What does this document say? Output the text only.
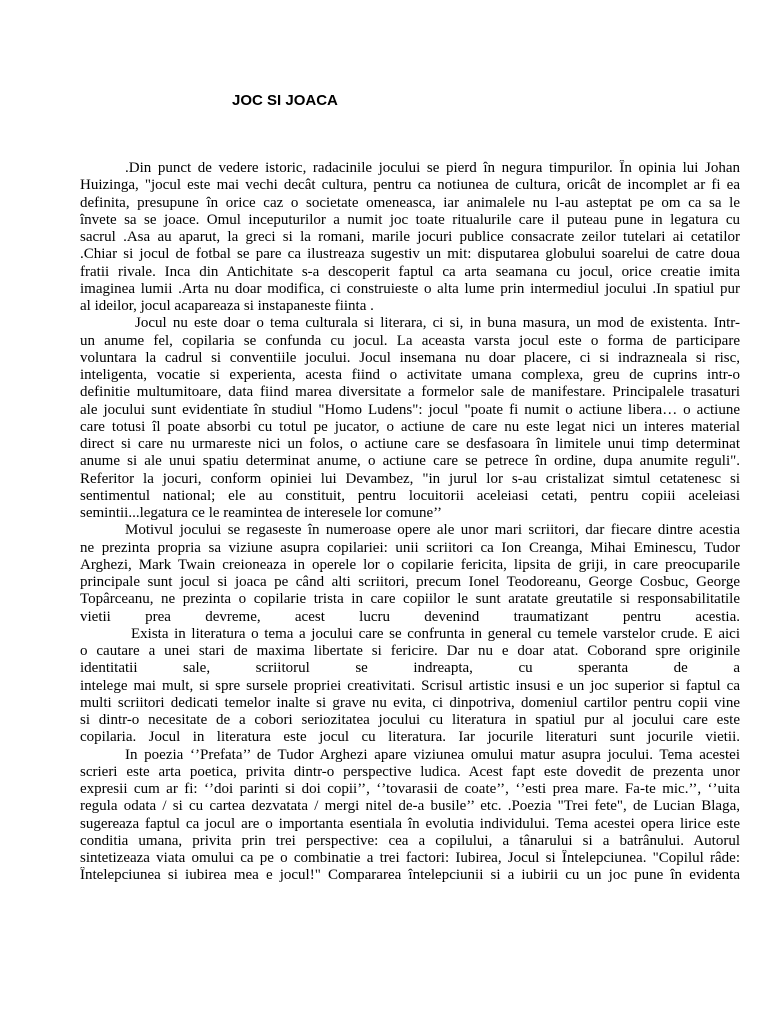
JOC SI JOACA
.Din punct de vedere istoric, radacinile jocului se pierd în negura timpurilor. În opinia lui Johan
Huizinga, "jocul este mai vechi decât cultura, pentru ca notiunea de cultura, oricât de incomplet ar fi ea
definita, presupune în orice caz o societate omeneasca, iar animalele nu l-au asteptat pe om ca sa le
învete sa se joace. Omul inceputurilor a numit joc toate ritualurile care il puteau pune in legatura cu
sacrul .Asa au aparut, la greci si la romani, marile jocuri publice consacrate zeilor tutelari ai cetatilor
.Chiar si jocul de fotbal se pare ca ilustreaza sugestiv un mit: disputarea globului soarelui de catre doua
fratii rivale. Inca din Antichitate s-a descoperit faptul ca arta seamana cu jocul, orice creatie imita
imaginea lumii .Arta nu doar modifica, ci construieste o alta lume prin intermediul jocului .In spatiul pur
al ideilor, jocul acapareaza si instapaneste fiinta .
Jocul nu este doar o tema culturala si literara, ci si, in buna masura, un mod de existenta. Intr-
un anume fel, copilaria se confunda cu jocul. La aceasta varsta jocul este o forma de participare
voluntara la cadrul si conventiile jocului. Jocul insemana nu doar placere, ci si indrazneala si risc,
inteligenta, vocatie si experienta, acesta fiind o activitate umana complexa, greu de cuprins intr-o
definitie multumitoare, data fiind marea diversitate a formelor sale de manifestare. Principalele trasaturi
ale jocului sunt evidentiate în studiul "Homo Ludens": jocul "poate fi numit o actiune libera… o actiune
care totusi îl poate absorbi cu totul pe jucator, o actiune de care nu este legat nici un interes material
direct si care nu urmareste nici un folos, o actiune care se desfasoara în limitele unui timp determinat
anume si ale unui spatiu determinat anume, o actiune care se petrece în ordine, dupa anumite reguli".
Referitor la jocuri, conform opiniei lui Devambez, "in jurul lor s-au cristalizat simtul cetatenesc si
sentimentul national; ele au constituit, pentru locuitorii aceleiasi cetati, pentru copiii aceleiasi
semintii...legatura ce le reamintea de interesele lor comune’’
Motivul jocului se regaseste în numeroase opere ale unor mari scriitori, dar fiecare dintre acestia
ne prezinta propria sa viziune asupra copilariei: unii scriitori ca Ion Creanga, Mihai Eminescu, Tudor
Arghezi, Mark Twain creioneaza in operele lor o copilarie fericita, lipsita de griji, in care preocuparile
principale sunt jocul si joaca pe când alti scriitori, precum Ionel Teodoreanu, George Cosbuc, George
Topârceanu, ne prezinta o copilarie trista in care copiilor le sunt aratate greutatile si responsabilitatile
vietii prea devreme, acest lucru devenind traumatizant pentru acestia.
Exista in literatura o tema a jocului care se confrunta in general cu temele varstelor crude. E aici
o cautare a unei stari de maxima libertate si fericire. Dar nu e doar atat. Coborand spre originile
identitatii sale, scriitorul se indreapta, cu speranta de a
intelege mai mult, si spre sursele propriei creativitati. Scrisul artistic insusi e un joc superior si faptul ca
multi scriitori dedicati temelor inalte si grave nu evita, ci dinpotriva, domeniul cartilor pentru copii vine
si dintr-o necesitate de a cobori seriozitatea jocului cu literatura in spatiul pur al jocului care este
copilaria. Jocul in literatura este jocul cu literatura. Iar jocurile literaturi sunt jocurile vietii.
In poezia ‘’Prefata’’ de Tudor Arghezi apare viziunea omului matur asupra jocului. Tema acestei
scrieri este arta poetica, privita dintr-o perspective ludica. Acest fapt este dovedit de prezenta unor
expresii cum ar fi: ‘’doi parinti si doi copii’’, ‘’tovarasii de coate’’, ‘’esti prea mare. Fa-te mic.’’, ‘’uita
regula odata / si cu cartea dezvatata / mergi nitel de-a busile’’ etc. .Poezia "Trei fete", de Lucian Blaga,
sugereaza faptul ca jocul are o importanta esentiala în evolutia individului. Tema acestei opera lirice este
conditia umana, privita prin trei perspective: cea a copilului, a tânarului si a batrânului. Autorul
sintetizeaza viata omului ca pe o combinatie a trei factori: Iubirea, Jocul si Întelepciunea. "Copilul râde:
Întelepciunea si iubirea mea e jocul!" Compararea întelepciunii si a iubirii cu un joc pune în evidenta
